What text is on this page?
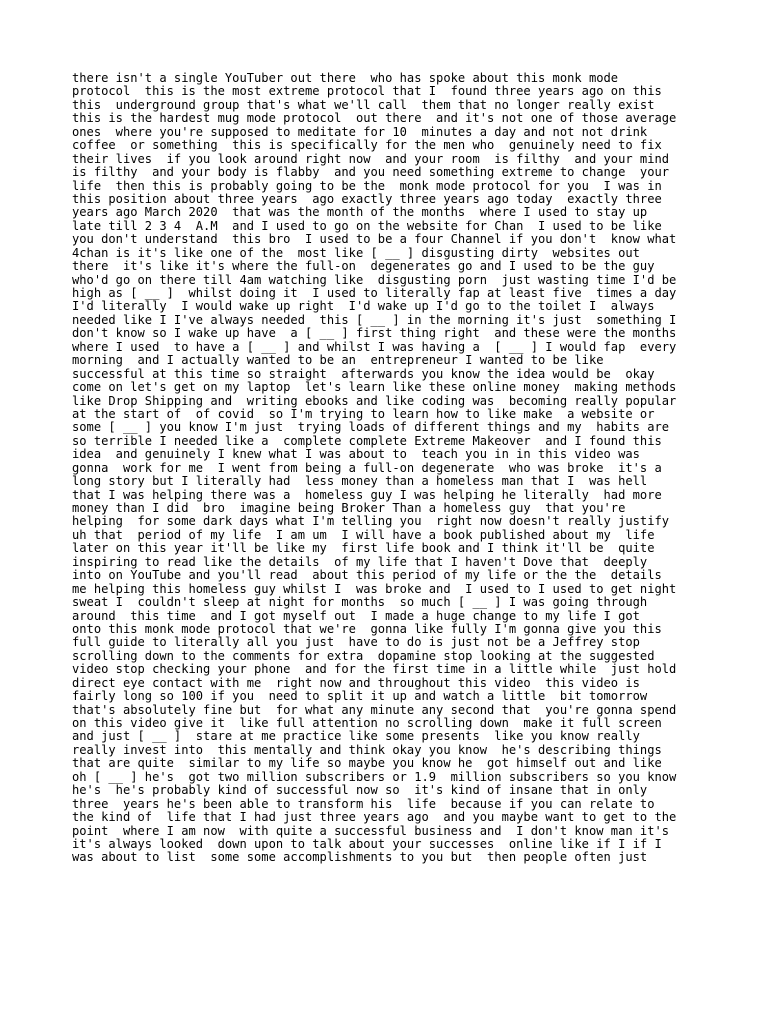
there isn't a single YouTuber out there  who has spoke about this monk mode
protocol  this is the most extreme protocol that I  found three years ago on this
this  underground group that's what we'll call  them that no longer really exist
this is the hardest mug mode protocol  out there  and it's not one of those average
ones  where you're supposed to meditate for 10  minutes a day and not not drink
coffee  or something  this is specifically for the men who  genuinely need to fix
their lives  if you look around right now  and your room  is filthy  and your mind
is filthy  and your body is flabby  and you need something extreme to change  your
life  then this is probably going to be the  monk mode protocol for you  I was in
this position about three years  ago exactly three years ago today  exactly three
years ago March 2020  that was the month of the months  where I used to stay up
late till 2 3 4  A.M  and I used to go on the website for Chan  I used to be like
you don't understand  this bro  I used to be a four Channel if you don't  know what
4chan is it's like one of the  most like [ __ ] disgusting dirty  websites out
there  it's like it's where the full-on  degenerates go and I used to be the guy
who'd go on there till 4am watching like  disgusting porn  just wasting time I'd be
high as [ __ ]  whilst doing it  I used to literally fap at least five  times a day
I'd literally  I would wake up right  I'd wake up I'd go to the toilet I  always
needed like I I've always needed  this [ __ ] in the morning it's just  something I
don't know so I wake up have  a [ __ ] first thing right  and these were the months
where I used  to have a [ __ ] and whilst I was having a  [ __ ] I would fap  every
morning  and I actually wanted to be an  entrepreneur I wanted to be like
successful at this time so straight  afterwards you know the idea would be  okay
come on let's get on my laptop  let's learn like these online money  making methods
like Drop Shipping and  writing ebooks and like coding was  becoming really popular
at the start of  of covid  so I'm trying to learn how to like make  a website or
some [ __ ] you know I'm just  trying loads of different things and my  habits are
so terrible I needed like a  complete complete Extreme Makeover  and I found this
idea  and genuinely I knew what I was about to  teach you in in this video was
gonna  work for me  I went from being a full-on degenerate  who was broke  it's a
long story but I literally had  less money than a homeless man that I  was hell
that I was helping there was a  homeless guy I was helping he literally  had more
money than I did  bro  imagine being Broker Than a homeless guy  that you're
helping  for some dark days what I'm telling you  right now doesn't really justify
uh that  period of my life  I am um  I will have a book published about my  life
later on this year it'll be like my  first life book and I think it'll be  quite
inspiring to read like the details  of my life that I haven't Dove that  deeply
into on YouTube and you'll read  about this period of my life or the the  details
me helping this homeless guy whilst I  was broke and  I used to I used to get night
sweat I  couldn't sleep at night for months  so much [ __ ] I was going through
around  this time  and I got myself out  I made a huge change to my life I got
onto this monk mode protocol that we're  gonna like fully I'm gonna give you this
full guide to literally all you just  have to do is just not be a Jeffrey stop
scrolling down to the comments for extra  dopamine stop looking at the suggested
video stop checking your phone  and for the first time in a little while  just hold
direct eye contact with me  right now and throughout this video  this video is
fairly long so 100 if you  need to split it up and watch a little  bit tomorrow
that's absolutely fine but  for what any minute any second that  you're gonna spend
on this video give it  like full attention no scrolling down  make it full screen
and just [ __ ]  stare at me practice like some presents  like you know really
really invest into  this mentally and think okay you know  he's describing things
that are quite  similar to my life so maybe you know he  got himself out and like
oh [ __ ] he's  got two million subscribers or 1.9  million subscribers so you know
he's  he's probably kind of successful now so  it's kind of insane that in only
three  years he's been able to transform his  life  because if you can relate to
the kind of  life that I had just three years ago  and you maybe want to get to the
point  where I am now  with quite a successful business and  I don't know man it's
it's always looked  down upon to talk about your successes  online like if I if I
was about to list  some some accomplishments to you but  then people often just
